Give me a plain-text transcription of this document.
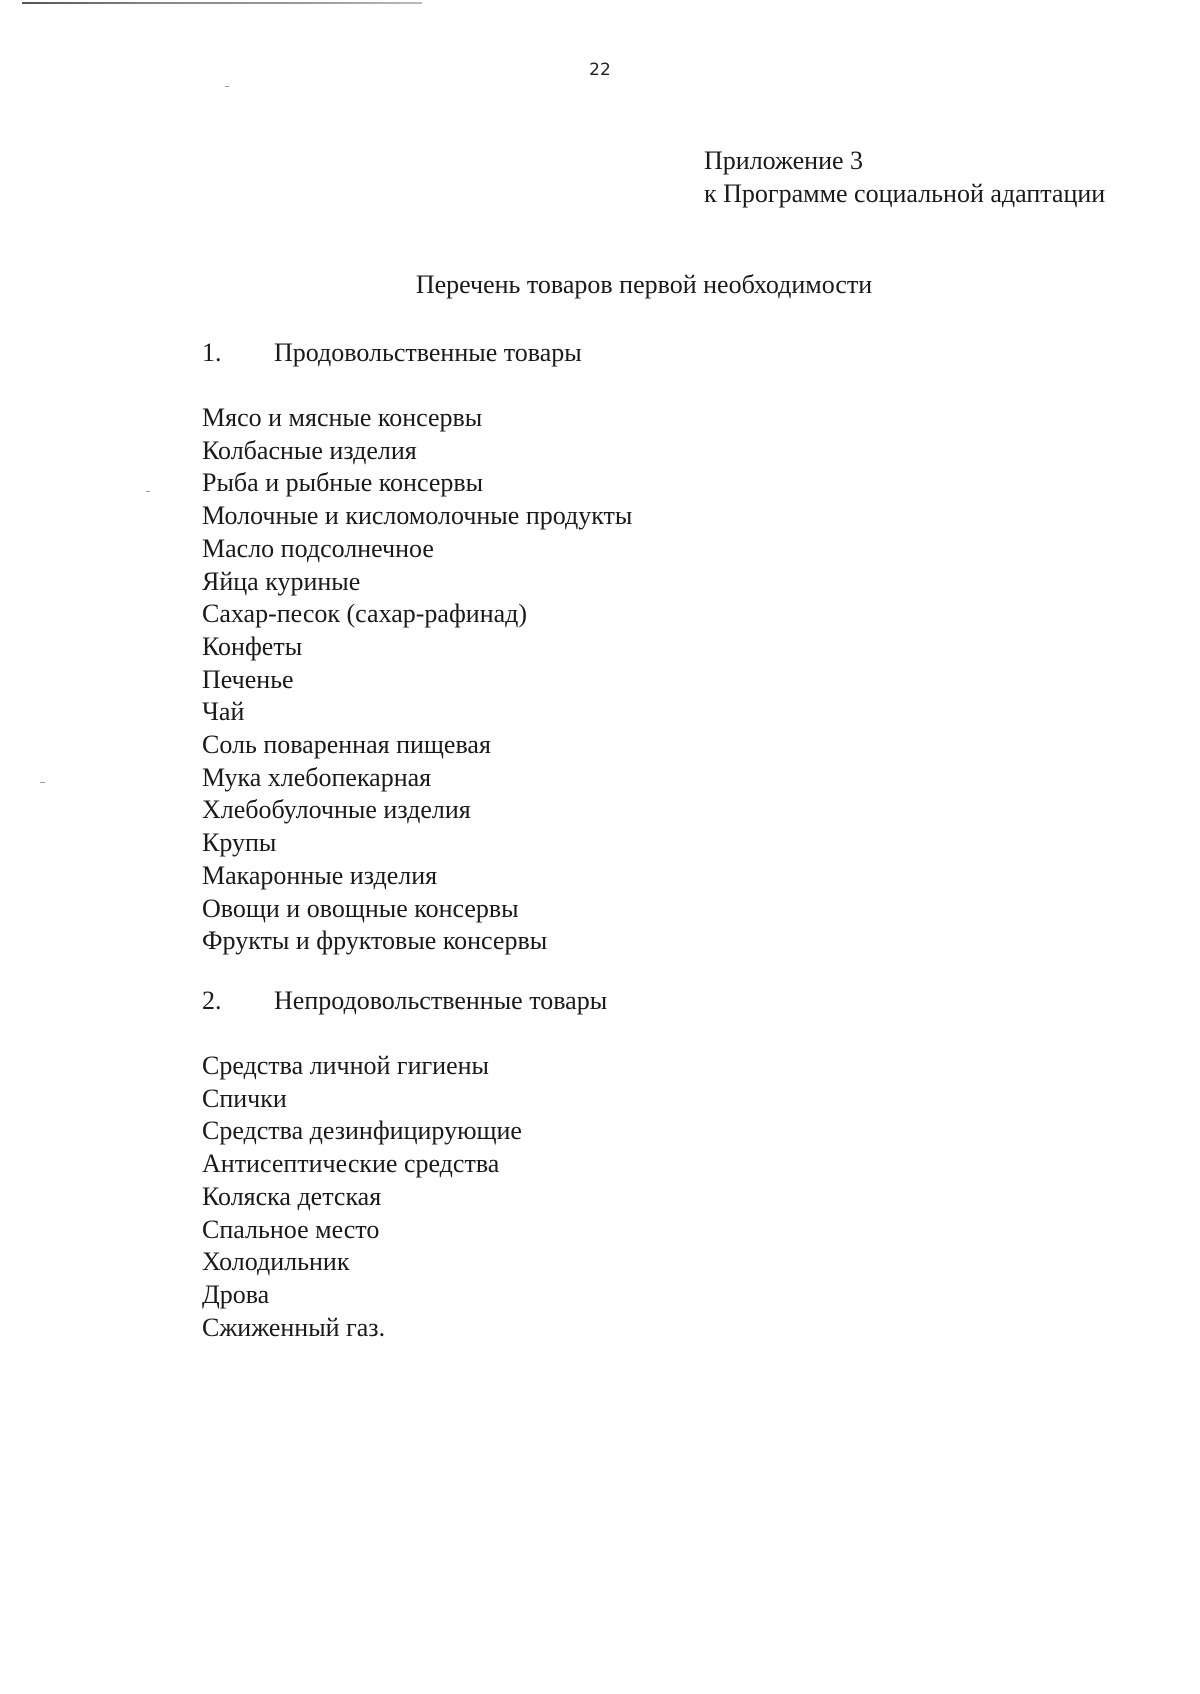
22
Приложение 3
к Программе социальной адаптации
Перечень товаров первой необходимости
1.	Продовольственные товары
Мясо и мясные консервы
Колбасные изделия
Рыба и рыбные консервы
Молочные и кисломолочные продукты
Масло подсолнечное
Яйца куриные
Сахар-песок (сахар-рафинад)
Конфеты
Печенье
Чай
Соль поваренная пищевая
Мука хлебопекарная
Хлебобулочные изделия
Крупы
Макаронные изделия
Овощи и овощные консервы
Фрукты и фруктовые консервы
2.	Непродовольственные товары
Средства личной гигиены
Спички
Средства дезинфицирующие
Антисептические средства
Коляска детская
Спальное место
Холодильник
Дрова
Сжиженный газ.
